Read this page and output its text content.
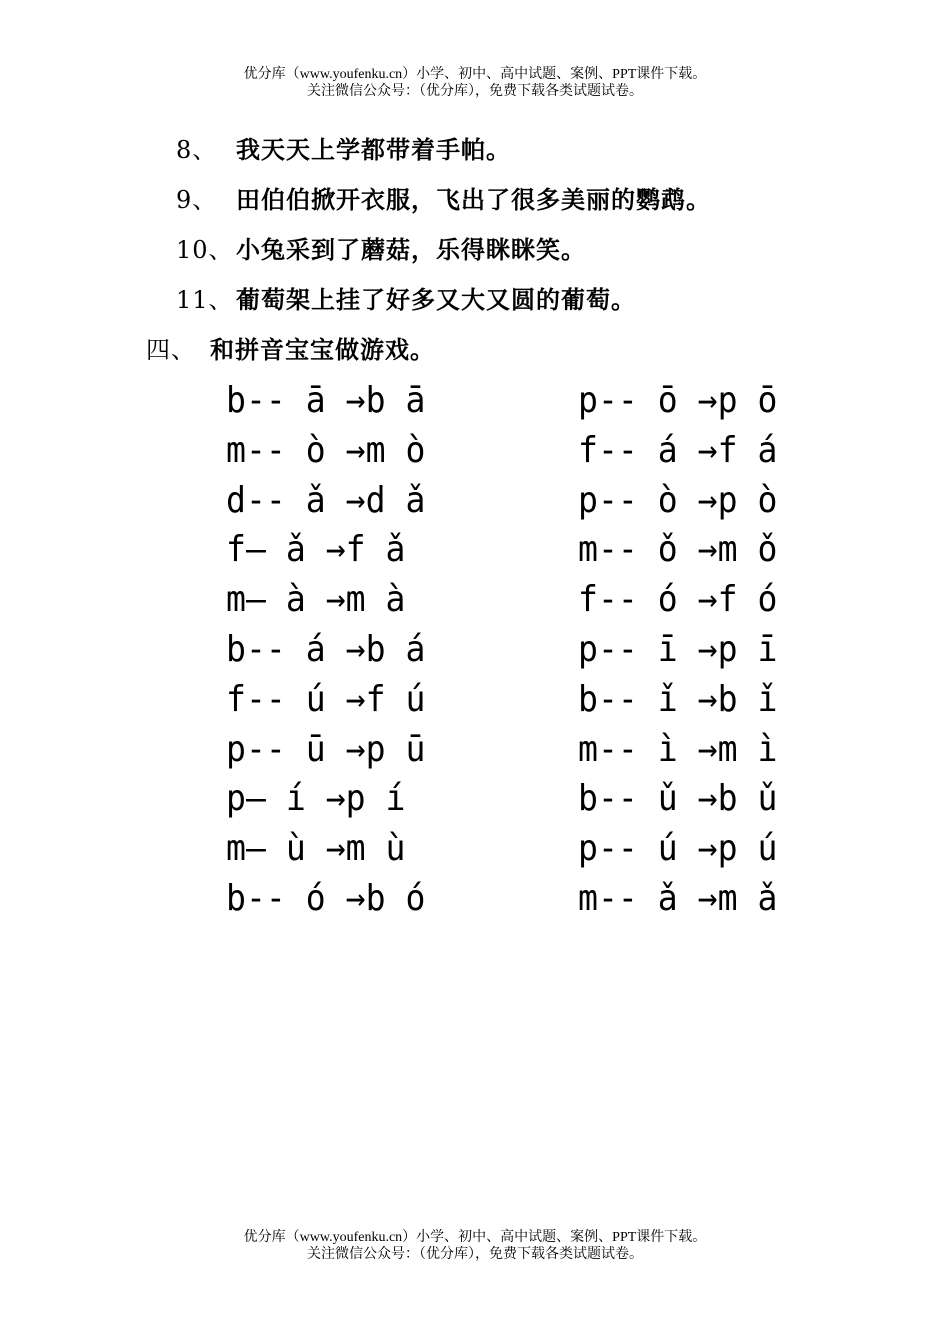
优分库（www.youfenku.cn）小学、初中、高中试题、案例、PPT课件下载。
关注微信公众号：（优分库），免费下载各类试题试卷。
8、 我天天上学都带着手帕。
9、 田伯伯掀开衣服，飞出了很多美丽的鹦鹉。
10、 小兔采到了蘑菇，乐得眯眯笑。
11、 葡萄架上挂了好多又大又圆的葡萄。
四、 和拼音宝宝做游戏。
b-- ā →b ā
m-- ò →m ò
d-- ǎ →d ǎ
f— ǎ →f ǎ
m— à →m à
b-- á →b á
f-- ú →f ú
p-- ū →p ū
p— í →p í
m— ù →m ù
b-- ó →b ó
p-- ō →p ō
f-- á →f á
p-- ò →p ò
m-- ǒ →m ǒ
f-- ó →f ó
p-- ī →p ī
b-- ǐ →b ǐ
m-- ì →m ì
b-- ǔ →b ǔ
p-- ú →p ú
m-- ǎ →m ǎ
优分库（www.youfenku.cn）小学、初中、高中试题、案例、PPT课件下载。
关注微信公众号：（优分库），免费下载各类试题试卷。
